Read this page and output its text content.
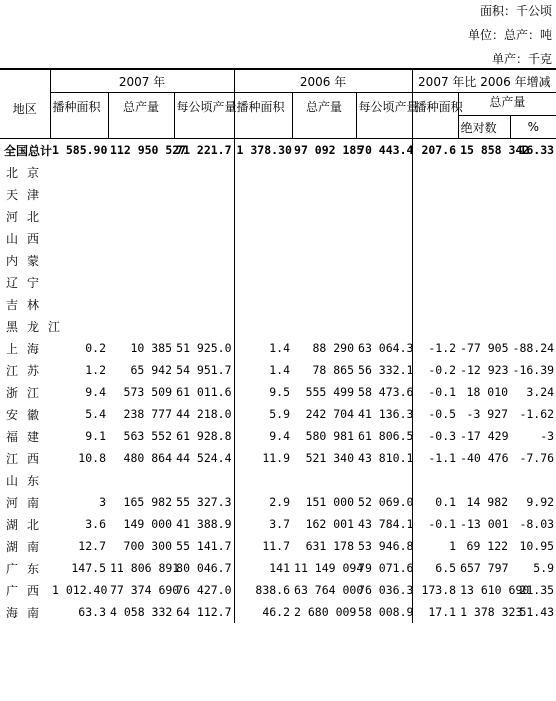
面积：千公顷
单位：总产：吨
单产：千克
地区	2007 年			2006 年			2007 年比 2006 年增减		
	播种面积	总产量	每公顷产量	播种面积	总产量	每公顷产量	播种面积	总产量	
								绝对数	%
全国总计	1 585.90	112 950 527	71 221.7	1 378.30	97 092 185	70 443.4	207.6	15 858 342	16.33
北京									
天津									
河北									
山西									
内蒙									
辽宁									
吉林									
黑龙江									
上海	0.2	10 385	51 925.0	1.4	88 290	63 064.3	-1.2	-77 905	-88.24
江苏	1.2	65 942	54 951.7	1.4	78 865	56 332.1	-0.2	-12 923	-16.39
浙江	9.4	573 509	61 011.6	9.5	555 499	58 473.6	-0.1	18 010	3.24
安徽	5.4	238 777	44 218.0	5.9	242 704	41 136.3	-0.5	-3 927	-1.62
福建	9.1	563 552	61 928.8	9.4	580 981	61 806.5	-0.3	-17 429	-3
江西	10.8	480 864	44 524.4	11.9	521 340	43 810.1	-1.1	-40 476	-7.76
山东									
河南	3	165 982	55 327.3	2.9	151 000	52 069.0	0.1	14 982	9.92
湖北	3.6	149 000	41 388.9	3.7	162 001	43 784.1	-0.1	-13 001	-8.03
湖南	12.7	700 300	55 141.7	11.7	631 178	53 946.8	1	69 122	10.95
广东	147.5	11 806 891	80 046.7	141	11 149 094	79 071.6	6.5	657 797	5.9
广西	1 012.40	77 374 690	76 427.0	838.6	63 764 000	76 036.3	173.8	13 610 690	21.35
海南	63.3	4 058 332	64 112.7	46.2	2 680 009	58 008.9	17.1	1 378 323	51.43
